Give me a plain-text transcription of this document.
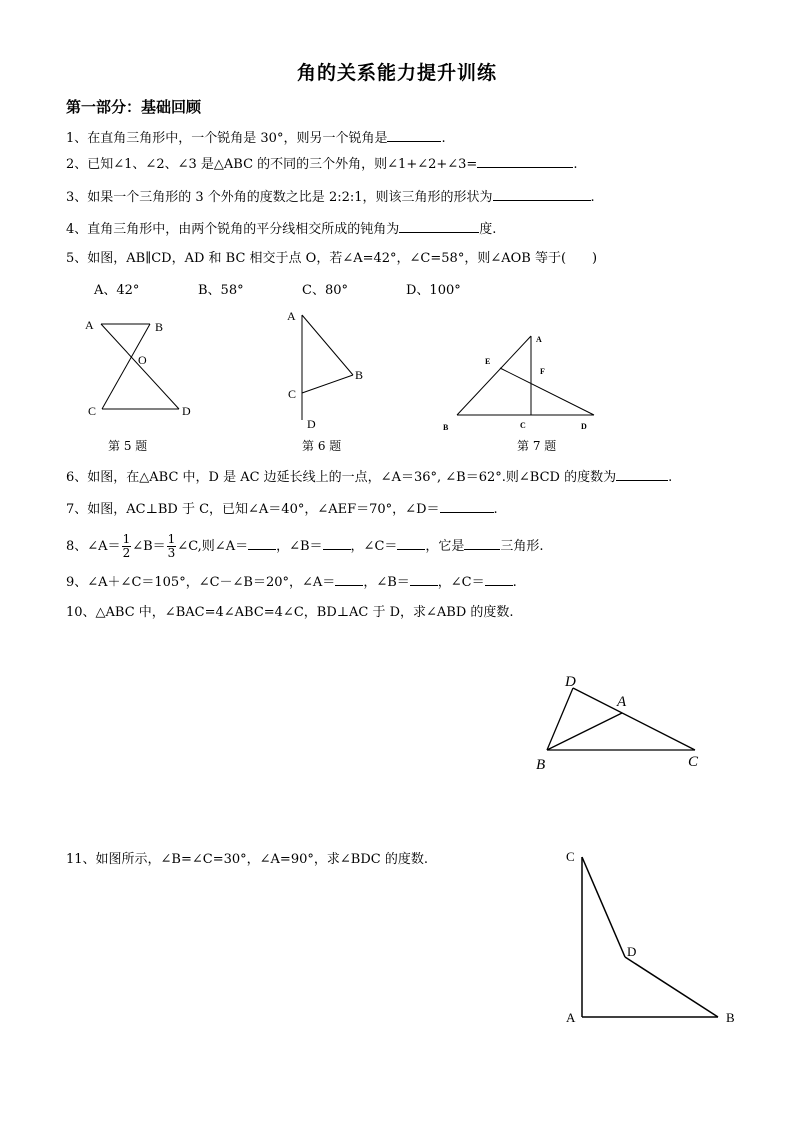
角的关系能力提升训练
第一部分：基础回顾
1、在直角三角形中，一个锐角是 30°，则另一个锐角是	.
2、已知∠1、∠2、∠3 是△ABC 的不同的三个外角，则∠1+∠2+∠3=	.
3、如果一个三角形的 3 个外角的度数之比是 2:2:1，则该三角形的形状为	.
4、直角三角形中，由两个锐角的平分线相交所成的钝角为	度.
5、如图，AB∥CD，AD 和 BC 相交于点 O，若∠A=42°，∠C=58°，则∠AOB 等于(　　)
A、42°	B、58°	C、80°	D、100°
A	B
O
C	D
第 5 题
A
B
C
D
第 6 题
A
E
F
B	C	D
第 7 题
6、如图，在△ABC 中，D 是 AC 边延长线上的一点，∠A＝36°, ∠B＝62°.则∠BCD 的度数为	.
7、如图，AC⊥BD 于 C，已知∠A＝40°，∠AEF＝70°，∠D＝	.
8、∠A＝ $\frac{1}{2}$ ∠B＝ $\frac{1}{3}$ ∠C,则∠A＝ ，∠B＝ ，∠C＝ ，它是	三角形.
9、∠A＋∠C＝105°，∠C－∠B＝20°，∠A＝ ，∠B＝ ，∠C＝ .
10、△ABC 中，∠BAC=4∠ABC=4∠C，BD⊥AC 于 D，求∠ABD 的度数.
D
A
B	C
11、如图所示，∠B=∠C=30°，∠A=90°，求∠BDC 的度数.	C
D
A	B
